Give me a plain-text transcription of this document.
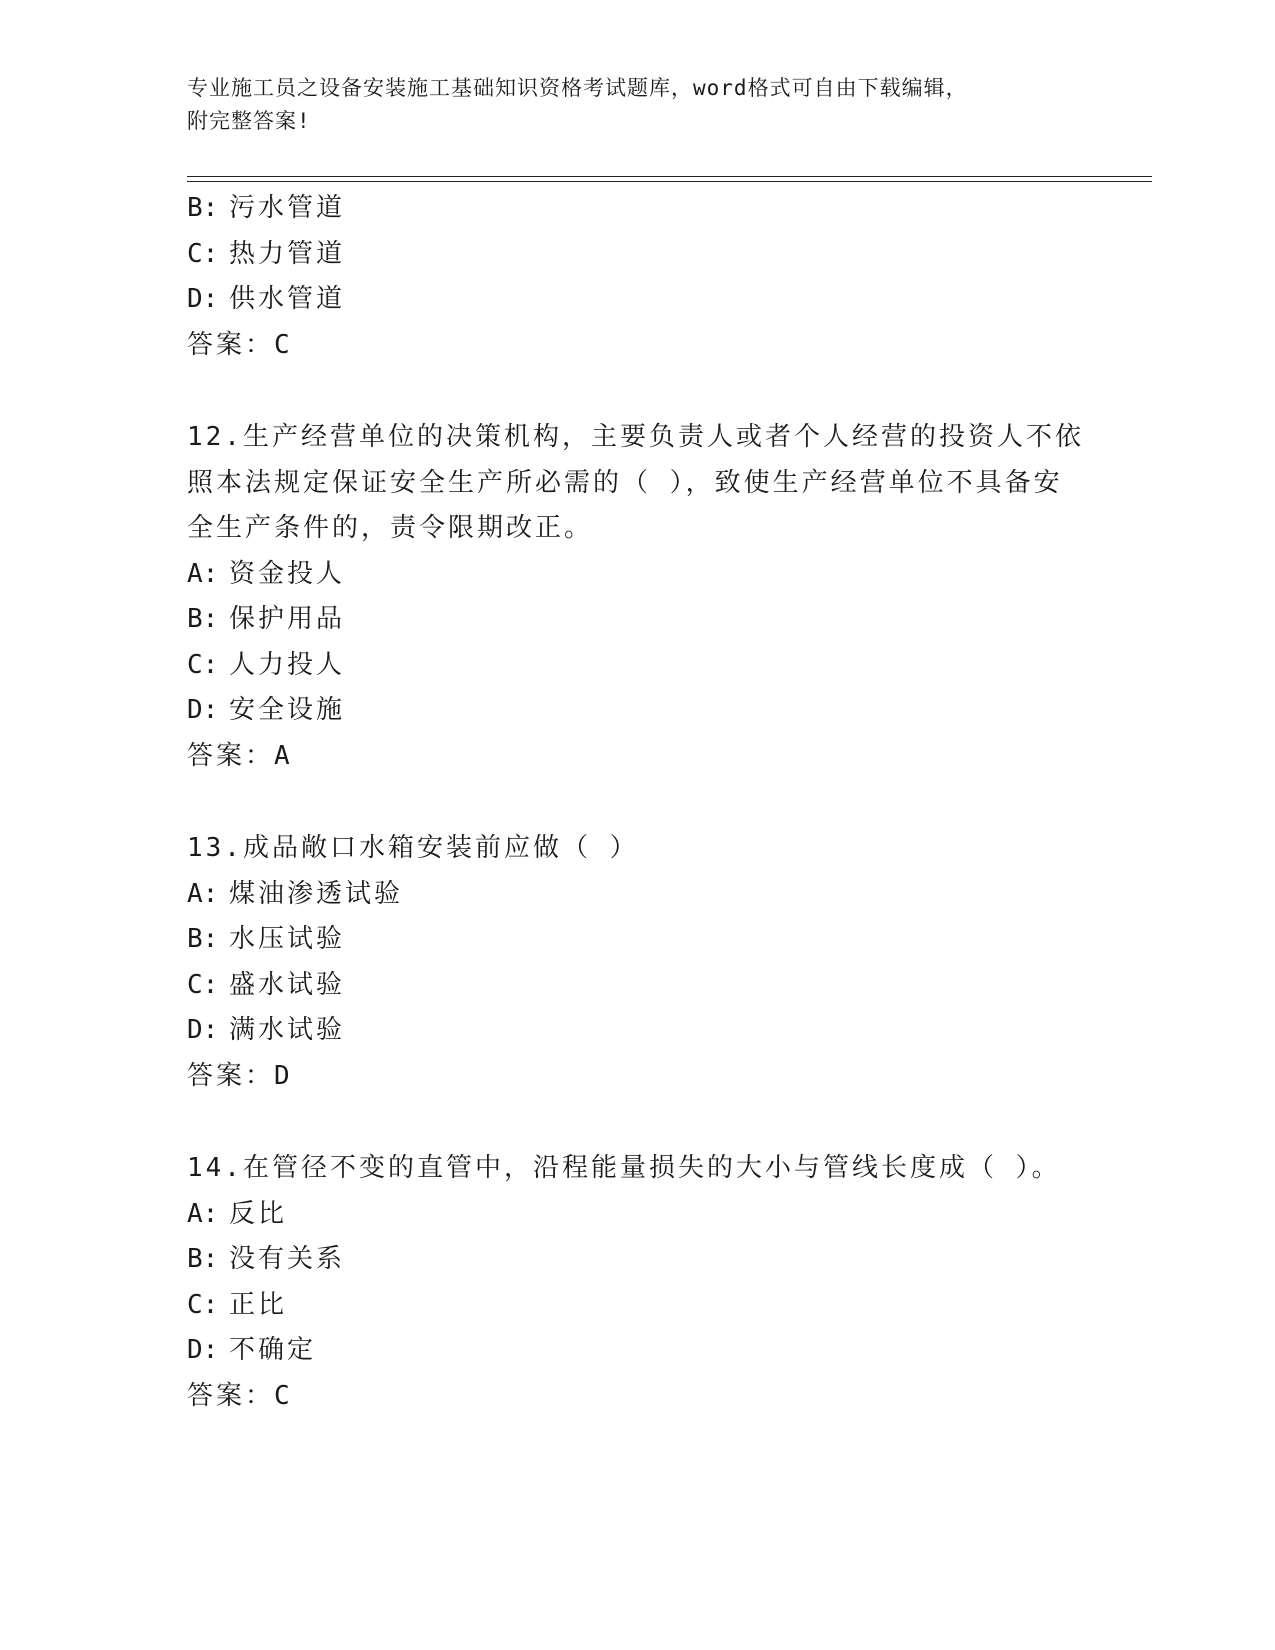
专业施工员之设备安装施工基础知识资格考试题库，word格式可自由下载编辑，
附完整答案!
B: 污水管道
C: 热力管道
D: 供水管道
答案：C
12.生产经营单位的决策机构，主要负责人或者个人经营的投资人不依
照本法规定保证安全生产所必需的（ ），致使生产经营单位不具备安
全生产条件的，责令限期改正。
A: 资金投人
B: 保护用品
C: 人力投人
D: 安全设施
答案：A
13.成品敞口水箱安装前应做（ ）
A: 煤油渗透试验
B: 水压试验
C: 盛水试验
D: 满水试验
答案：D
14.在管径不变的直管中，沿程能量损失的大小与管线长度成（ ）。
A: 反比
B: 没有关系
C: 正比
D: 不确定
答案：C
